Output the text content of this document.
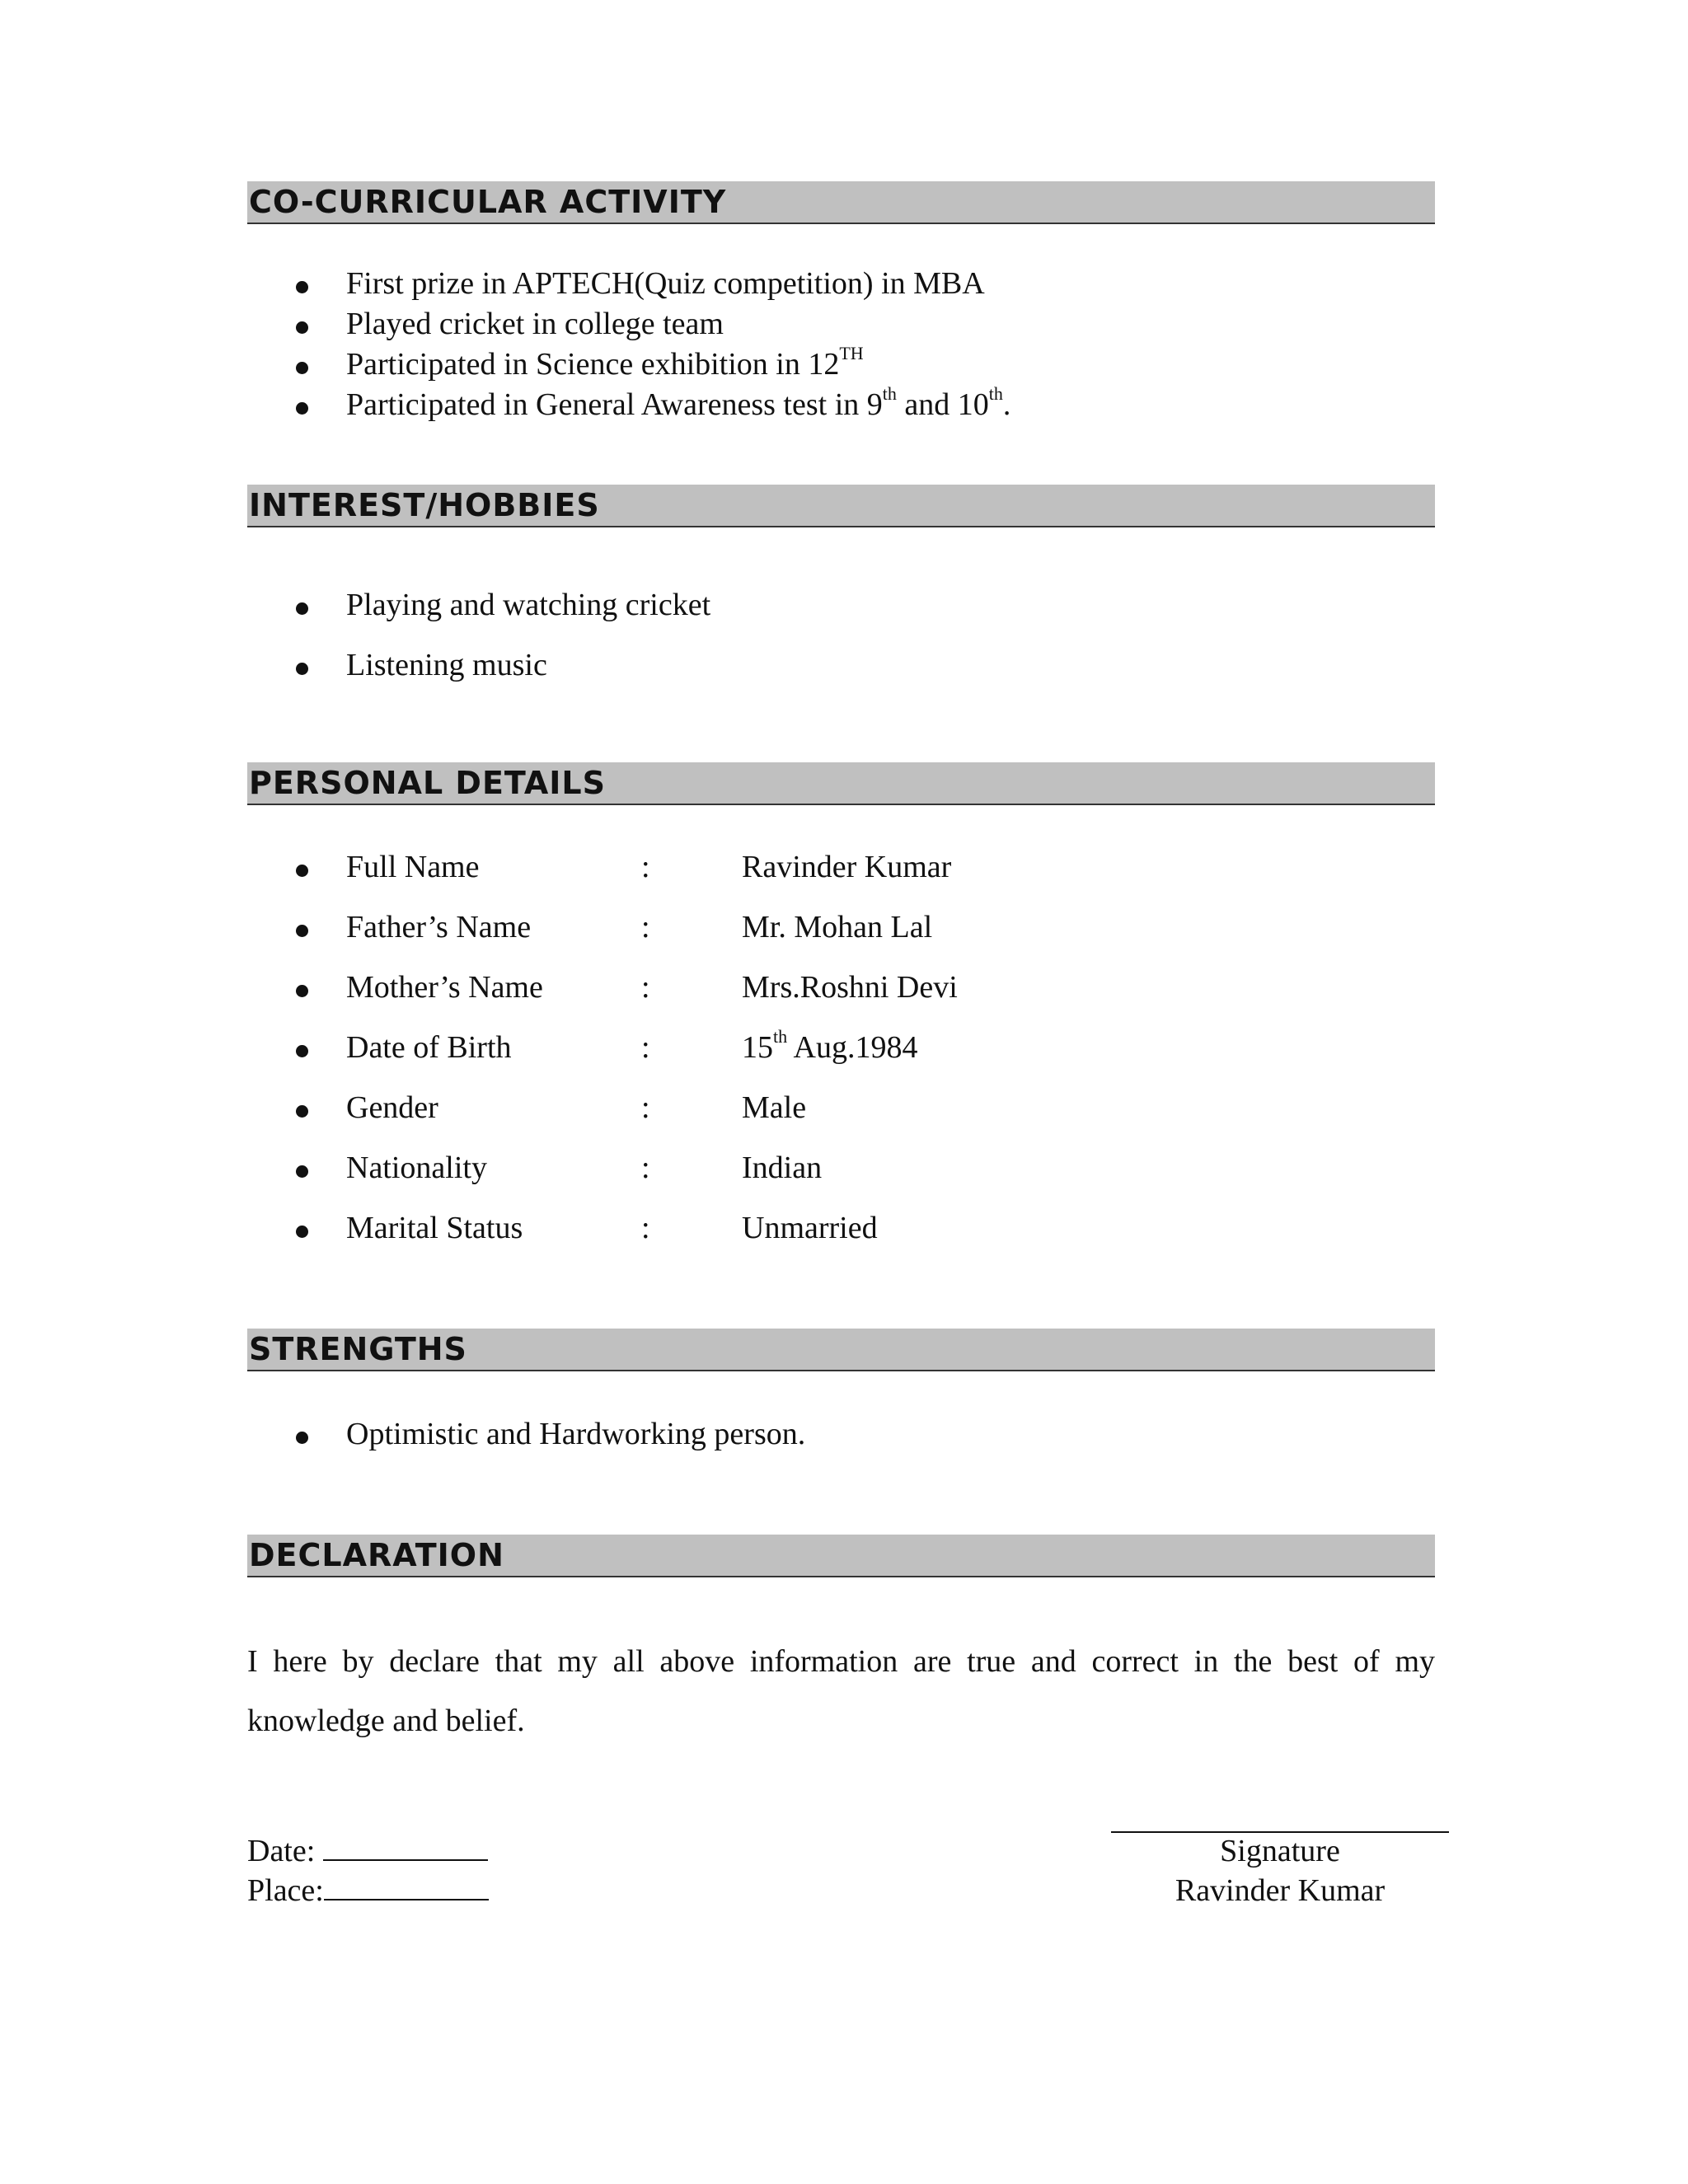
CO-CURRICULAR ACTIVITY
First prize in APTECH(Quiz competition) in MBA
Played cricket in college team
Participated in Science exhibition in 12TH
Participated in General Awareness test in 9th and 10th.
INTEREST/HOBBIES
Playing and watching cricket
Listening music
PERSONAL DETAILS
Full Name	:	Ravinder Kumar
Father’s Name	:	Mr. Mohan Lal
Mother’s Name	:	Mrs.Roshni Devi
Date of Birth	:	15th Aug.1984
Gender	:	Male
Nationality	:	Indian
Marital Status	:	Unmarried
STRENGTHS
Optimistic and Hardworking person.
DECLARATION

I here by declare that my all above information are true and correct in the best of my knowledge and belief.

Date:
Place:
Signature
Ravinder Kumar
